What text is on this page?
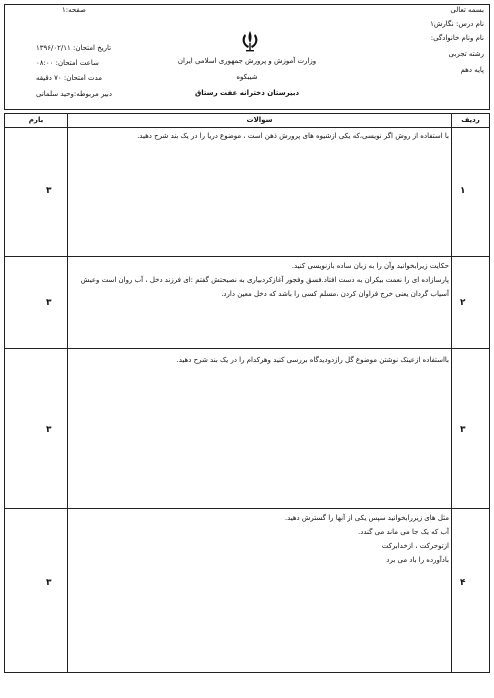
بسمه تعالی
نام درس: نگارش۱
نام ونام خانوادگی:
رشته تجربی
پایه دهم
وزارت آموزش و پرورش جمهوری اسلامی ایران
شیبکوه
دبیرستان دخترانه عفت رستاق
صفحه:۱
تاریخ امتحان: ۱۳۹۶/۰۲/۱۱
ساعت امتحان: ۰۸:۰۰
مدت امتحان: ۷۰ دقیقه
دبیر مربوطه:وحید سلمانی
ردیف
سوالات
بارم
۱
۳
با استفاده از روش اگر نویسی،که یکی ازشیوه های پرورش ذهن است ، موضوع دریا را در یک بند شرح دهید.
۲
۳
حکایت زیرابخوانید وآن را به زبان ساده بازنویسی کنید.
پارسازاده ای را نعمت بیکران به دست افتاد.فسق وفجور آغازکردبیاری به نصیحتش گفتم :ای فرزند دخل ، آب روان است وعیش
آسیاب گردان یعنی خرج فراوان کردن ،مسلم کسی را باشد که دخل معین دارد.
۳
۳
بااستفاده ازعینک نوشتن موضوع گل رازدودیدگاه بررسی کنید وهرکدام را در یک بند شرح دهید.
۴
۳
مثل های زیررابخوانید سپس یکی از آنها را گسترش دهید.
آب که یک جا می ماند می گندد.
ازتوحرکت ، ازخدابرکت
بادآورده را باد می برد
